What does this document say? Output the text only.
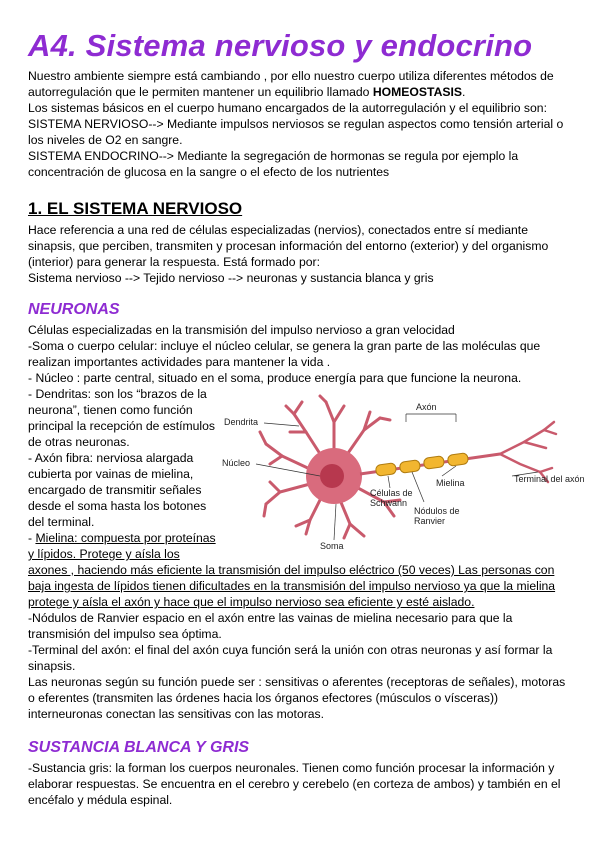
A4. Sistema nervioso y endocrino

Nuestro ambiente siempre está cambiando , por ello nuestro cuerpo utiliza diferentes métodos de

autorregulación que le permiten mantener un equilibrio llamado HOMEOSTASIS.

Los sistemas básicos en el cuerpo humano encargados de la autorregulación y el equilibrio son:

SISTEMA NERVIOSO--> Mediante impulsos nerviosos se regulan aspectos como tensión arterial o

los niveles de O2 en sangre.

SISTEMA ENDOCRINO--> Mediante la segregación de hormonas se regula por ejemplo la

concentración de glucosa en la sangre o el efecto de los nutrientes

1. EL SISTEMA NERVIOSO

Hace referencia a una red de células especializadas (nervios), conectados entre sí mediante

sinapsis, que perciben, transmiten y procesan información del entorno (exterior) y del organismo

(interior) para generar la respuesta. Está formado por:

Sistema nervioso --> Tejido nervioso --> neuronas y sustancia blanca y gris

NEURONAS

Células especializadas en la transmisión del impulso nervioso a gran velocidad

-Soma o cuerpo celular: incluye el núcleo celular, se genera la gran parte de las moléculas que

realizan importantes actividades para mantener la vida .

- Núcleo : parte central, situado en el soma, produce energía para que funcione la neurona.

- Dendritas: son los “brazos de la

neurona”, tienen como función

principal la recepción de estímulos

de otras neuronas.

- Axón fibra: nerviosa alargada

cubierta por vainas de mielina,

encargado de transmitir señales

desde el soma hasta los botones

del terminal.

- Mielina: compuesta por proteínas

y lípidos. Protege y aísla los

axones , haciendo más eficiente la transmisión del impulso eléctrico (50 veces) Las personas con

baja ingesta de lípidos tienen dificultades en la transmisión del impulso nervioso ya que la mielina

protege y aísla el axón y hace que el impulso nervioso sea eficiente y esté aislado.

-Nódulos de Ranvier espacio en el axón entre las vainas de mielina necesario para que la

transmisión del impulso sea óptima.

-Terminal del axón: el final del axón cuya función será la unión con otras neuronas y así formar la

sinapsis.

Las neuronas según su función puede ser : sensitivas o aferentes (receptoras de señales), motoras

o eferentes (transmiten las órdenes hacia los órganos efectores (músculos o vísceras))

interneuronas conectan las sensitivas con las motoras.

SUSTANCIA BLANCA Y GRIS

-Sustancia gris: la forman los cuerpos neuronales. Tienen como función procesar la información y

elaborar respuestas. Se encuentra en el cerebro y cerebelo (en corteza de ambos) y también en el

encéfalo y médula espinal.

Dendrita
Núcleo
Soma
Axón
Células de
Schwann
Mielina
Nódulos de
Ranvier
Terminal del axón
